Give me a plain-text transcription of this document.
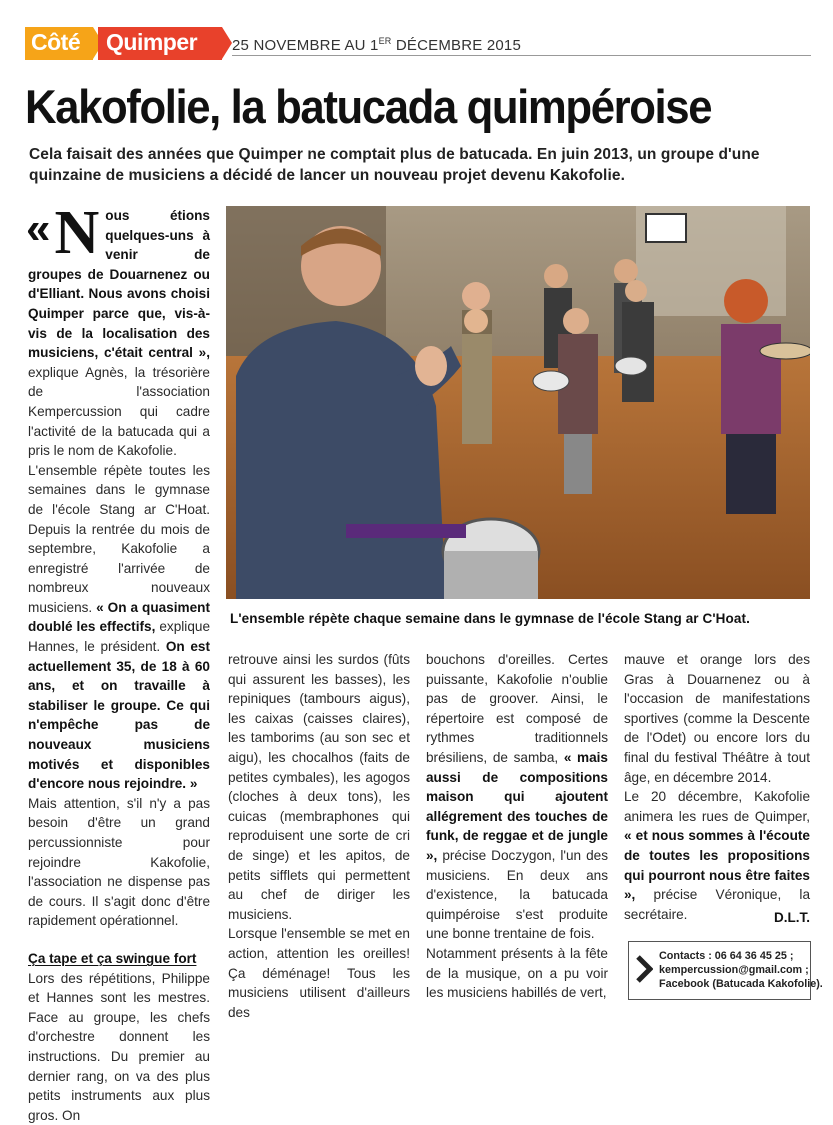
Côté Quimper 25 NOVEMBRE AU 1ER DÉCEMBRE 2015
Kakofolie, la batucada quimpéroise

Cela faisait des années que Quimper ne comptait plus de batucada. En juin 2013, un groupe d'une quinzaine de musiciens a décidé de lancer un nouveau projet devenu Kakofolie.

L'ensemble répète chaque semaine dans le gymnase de l'école Stang ar C'Hoat.

« N ous étions quelques-uns à venir de groupes de Douarnenez ou d'Elliant. Nous avons choisi Quimper parce que, vis-à-vis de la localisation des musiciens, c'était central », explique Agnès, la trésorière de l'association Kempercussion qui cadre l'activité de la batucada qui a pris le nom de Kakofolie.

L'ensemble répète toutes les semaines dans le gymnase de l'école Stang ar C'Hoat. Depuis la rentrée du mois de septembre, Kakofolie a enregistré l'arrivée de nombreux nouveaux musiciens. « On a quasiment doublé les effectifs, explique Hannes, le président. On est actuellement 35, de 18 à 60 ans, et on travaille à stabiliser le groupe. Ce qui n'empêche pas de nouveaux musiciens motivés et disponibles d'encore nous rejoindre. »

Mais attention, s'il n'y a pas besoin d'être un grand percussionniste pour rejoindre Kakofolie, l'association ne dispense pas de cours. Il s'agit donc d'être rapidement opérationnel.

Ça tape et ça swingue fort

Lors des répétitions, Philippe et Hannes sont les mestres. Face au groupe, les chefs d'orchestre donnent les instructions. Du premier au dernier rang, on va des plus petits instruments aux plus gros. On

retrouve ainsi les surdos (fûts qui assurent les basses), les repiniques (tambours aigus), les caixas (caisses claires), les tamborims (au son sec et aigu), les chocalhos (faits de petites cymbales), les agogos (cloches à deux tons), les cuicas (membraphones qui reproduisent une sorte de cri de singe) et les apitos, de petits sifflets qui permettent au chef de diriger les musiciens.

Lorsque l'ensemble se met en action, attention les oreilles! Ça déménage! Tous les musiciens utilisent d'ailleurs des

bouchons d'oreilles. Certes puissante, Kakofolie n'oublie pas de groover. Ainsi, le répertoire est composé de rythmes traditionnels brésiliens, de samba, « mais aussi de compositions maison qui ajoutent allégrement des touches de funk, de reggae et de jungle », précise Doczygon, l'un des musiciens. En deux ans d'existence, la batucada quimpéroise s'est produite une bonne trentaine de fois.

Notamment présents à la fête de la musique, on a pu voir les musiciens habillés de vert,

mauve et orange lors des Gras à Douarnenez ou à l'occasion de manifestations sportives (comme la Descente de l'Odet) ou encore lors du final du festival Théâtre à tout âge, en décembre 2014.

Le 20 décembre, Kakofolie animera les rues de Quimper, « et nous sommes à l'écoute de toutes les propositions qui pourront nous être faites », précise Véronique, la secrétaire.	D.L.T.
Contacts : 06 64 36 45 25 ;
kempercussion@gmail.com ;
Facebook (Batucada Kakofolie).
